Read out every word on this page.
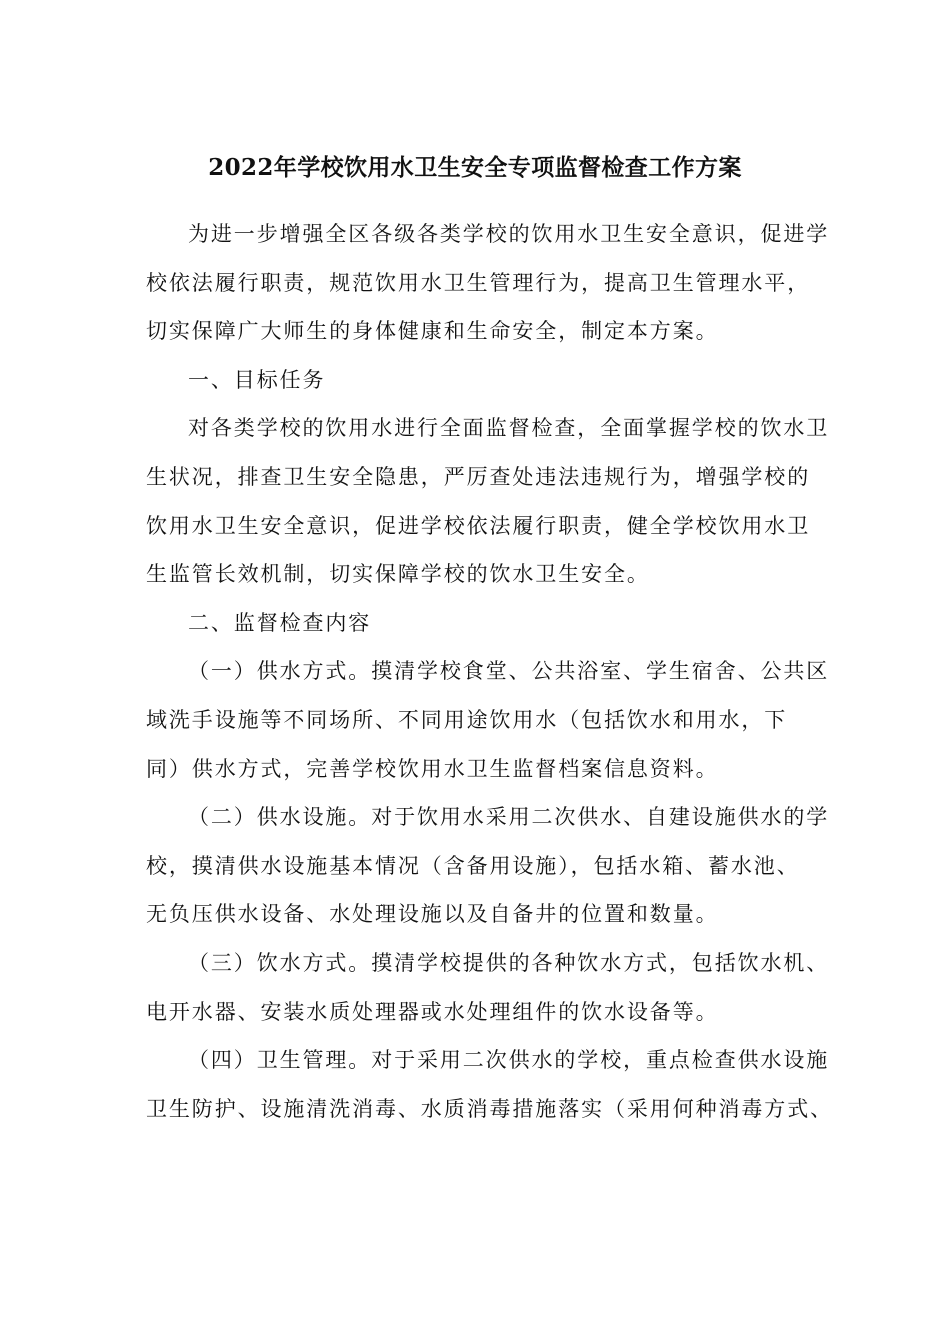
2022年学校饮用水卫生安全专项监督检查工作方案
为进一步增强全区各级各类学校的饮用水卫生安全意识，促进学
校依法履行职责，规范饮用水卫生管理行为，提高卫生管理水平，
切实保障广大师生的身体健康和生命安全，制定本方案。
一、目标任务
对各类学校的饮用水进行全面监督检查，全面掌握学校的饮水卫
生状况，排查卫生安全隐患，严厉查处违法违规行为，增强学校的
饮用水卫生安全意识，促进学校依法履行职责，健全学校饮用水卫
生监管长效机制，切实保障学校的饮水卫生安全。
二、监督检查内容
（一）供水方式。摸清学校食堂、公共浴室、学生宿舍、公共区
域洗手设施等不同场所、不同用途饮用水（包括饮水和用水，下
同）供水方式，完善学校饮用水卫生监督档案信息资料。
（二）供水设施。对于饮用水采用二次供水、自建设施供水的学
校，摸清供水设施基本情况（含备用设施），包括水箱、蓄水池、
无负压供水设备、水处理设施以及自备井的位置和数量。
（三）饮水方式。摸清学校提供的各种饮水方式，包括饮水机、
电开水器、安装水质处理器或水处理组件的饮水设备等。
（四）卫生管理。对于采用二次供水的学校，重点检查供水设施
卫生防护、设施清洗消毒、水质消毒措施落实（采用何种消毒方式、
